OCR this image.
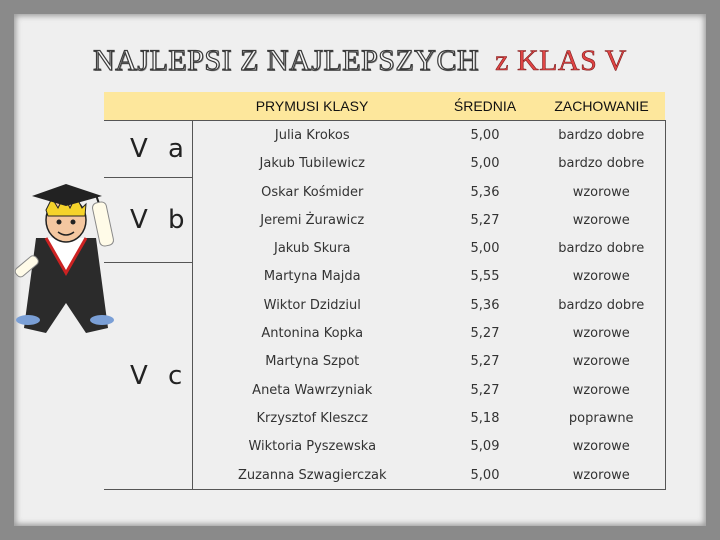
NAJLEPSI Z NAJLEPSZYCH z KLAS V
	PRYMUSI KLASY	ŚREDNIA	ZACHOWANIE
V a	Julia Krokos	5,00	bardzo dobre
	Jakub Tubilewicz	5,00	bardzo dobre
V b	Oskar Kośmider	5,36	wzorowe
	Jeremi Żurawicz	5,27	wzorowe
	Jakub Skura	5,00	bardzo dobre
V c	Martyna Majda	5,55	wzorowe
	Wiktor Dzidziul	5,36	bardzo dobre
	Antonina Kopka	5,27	wzorowe
	Martyna Szpot	5,27	wzorowe
	Aneta Wawrzyniak	5,27	wzorowe
	Krzysztof Kleszcz	5,18	poprawne
	Wiktoria Pyszewska	5,09	wzorowe
	Zuzanna Szwagierczak	5,00	wzorowe
